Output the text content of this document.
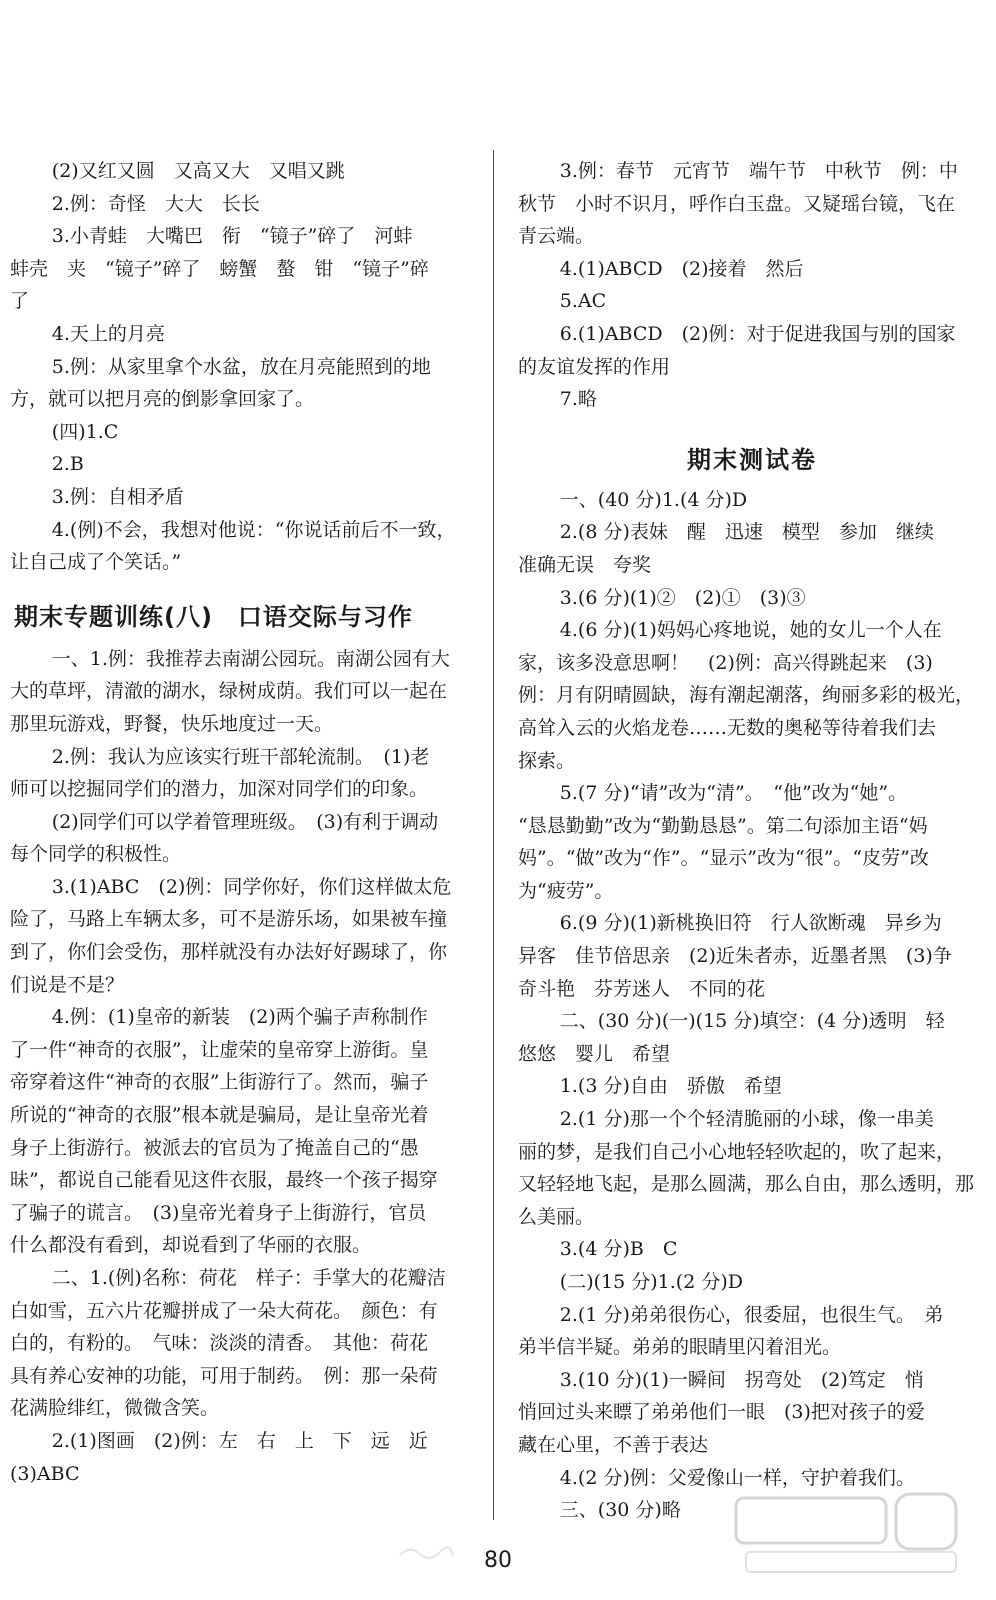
(2)又红又圆　又高又大　又唱又跳
2.例：奇怪　大大　长长
3.小青蛙　大嘴巴　衔　“镜子”碎了　河蚌
蚌壳　夹　“镜子”碎了　螃蟹　螯　钳　“镜子”碎
了
4.天上的月亮
5.例：从家里拿个水盆，放在月亮能照到的地
方，就可以把月亮的倒影拿回家了。
(四)1.C
2.B
3.例：自相矛盾
4.(例)不会，我想对他说：“你说话前后不一致，
让自己成了个笑话。”
期末专题训练(八)　口语交际与习作
一、1.例：我推荐去南湖公园玩。南湖公园有大
大的草坪，清澈的湖水，绿树成荫。我们可以一起在
那里玩游戏，野餐，快乐地度过一天。
2.例：我认为应该实行班干部轮流制。　(1)老
师可以挖掘同学们的潜力，加深对同学们的印象。
(2)同学们可以学着管理班级。　(3)有利于调动
每个同学的积极性。
3.(1)ABC　(2)例：同学你好，你们这样做太危
险了，马路上车辆太多，可不是游乐场，如果被车撞
到了，你们会受伤，那样就没有办法好好踢球了，你
们说是不是？
4.例：(1)皇帝的新装　(2)两个骗子声称制作
了一件“神奇的衣服”，让虚荣的皇帝穿上游街。皇
帝穿着这件“神奇的衣服”上街游行了。然而，骗子
所说的“神奇的衣服”根本就是骗局，是让皇帝光着
身子上街游行。被派去的官员为了掩盖自己的“愚
昧”，都说自己能看见这件衣服，最终一个孩子揭穿
了骗子的谎言。　(3)皇帝光着身子上街游行，官员
什么都没有看到，却说看到了华丽的衣服。
二、1.(例)名称：荷花　样子：手掌大的花瓣洁
白如雪，五六片花瓣拼成了一朵大荷花。　颜色：有
白的，有粉的。　气味：淡淡的清香。　其他：荷花
具有养心安神的功能，可用于制药。　例：那一朵荷
花满脸绯红，微微含笑。
2.(1)图画　(2)例：左　右　上　下　远　近
(3)ABC
3.例：春节　元宵节　端午节　中秋节　例：中
秋节　小时不识月，呼作白玉盘。又疑瑶台镜，飞在
青云端。
4.(1)ABCD　(2)接着　然后
5.AC
6.(1)ABCD　(2)例：对于促进我国与别的国家
的友谊发挥的作用
7.略
期末测试卷
一、(40 分)1.(4 分)D
2.(8 分)表妹　醒　迅速　模型　参加　继续
准确无误　夸奖
3.(6 分)(1)②　(2)①　(3)③
4.(6 分)(1)妈妈心疼地说，她的女儿一个人在
家，该多没意思啊！　(2)例：高兴得跳起来　(3)
例：月有阴晴圆缺，海有潮起潮落，绚丽多彩的极光，
高耸入云的火焰龙卷……无数的奥秘等待着我们去
探索。
5.(7 分)“请”改为“清”。　“他”改为“她”。
“恳恳勤勤”改为“勤勤恳恳”。第二句添加主语“妈
妈”。“做”改为“作”。“显示”改为“很”。“皮劳”改
为“疲劳”。
6.(9 分)(1)新桃换旧符　行人欲断魂　异乡为
异客　佳节倍思亲　(2)近朱者赤，近墨者黑　(3)争
奇斗艳　芬芳迷人　不同的花
二、(30 分)(一)(15 分)填空：(4 分)透明　轻
悠悠　婴儿　希望
1.(3 分)自由　骄傲　希望
2.(1 分)那一个个轻清脆丽的小球，像一串美
丽的梦，是我们自己小心地轻轻吹起的，吹了起来，
又轻轻地飞起，是那么圆满，那么自由，那么透明，那
么美丽。
3.(4 分)B　C
(二)(15 分)1.(2 分)D
2.(1 分)弟弟很伤心，很委屈，也很生气。　弟
弟半信半疑。弟弟的眼睛里闪着泪光。
3.(10 分)(1)一瞬间　拐弯处　(2)笃定　悄
悄回过头来瞟了弟弟他们一眼　(3)把对孩子的爱
藏在心里，不善于表达
4.(2 分)例：父爱像山一样，守护着我们。
三、(30 分)略
80
